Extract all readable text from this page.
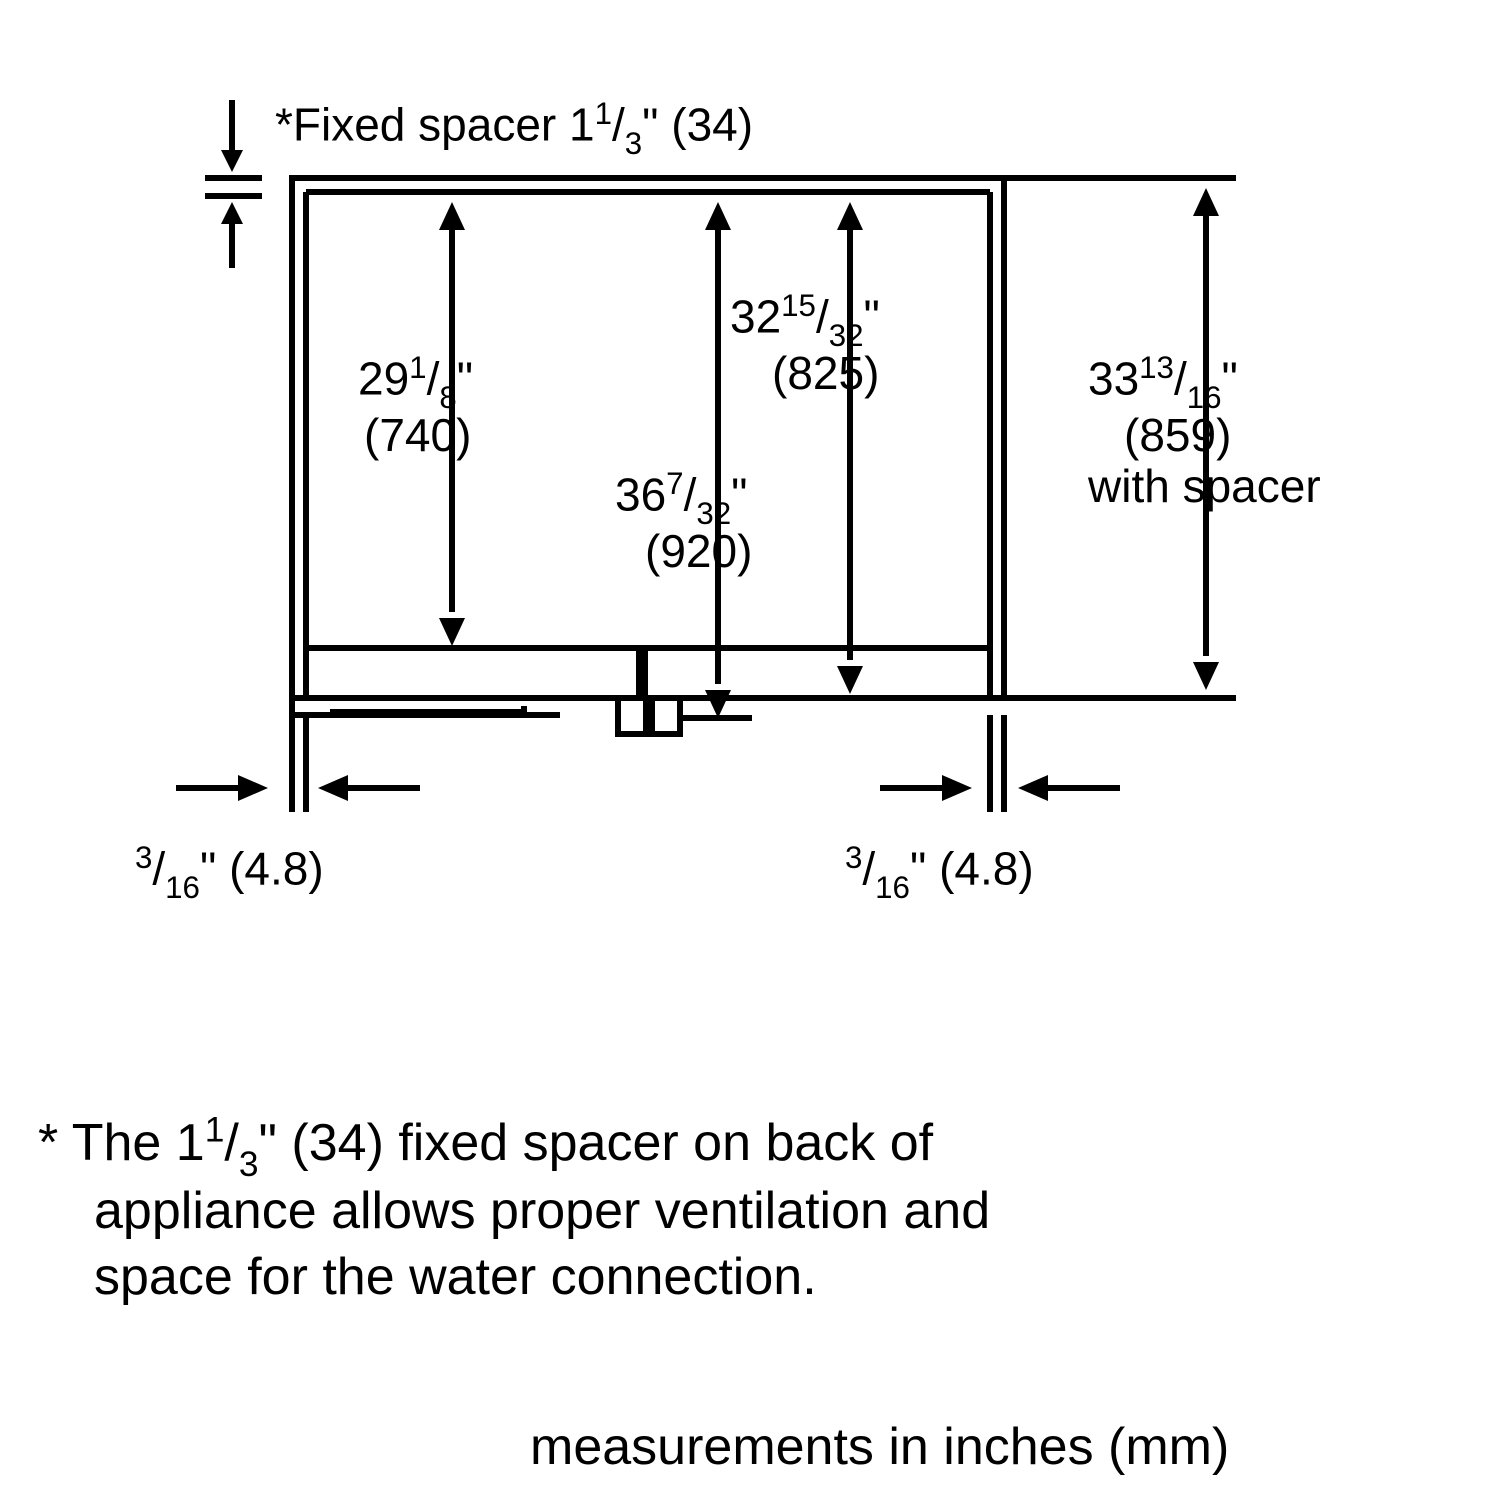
*Fixed spacer $1^1/_3$" (34)
$29^1/_8$"
(740)
$32^{15}/_{32}$"
(825)
$36^7/_{32}$"
(920)
$33^{13}/_{16}$"
(859)
with spacer
$^3/_{16}$" (4.8)	$^3/_{16}$" (4.8)
* The $1^1/_3$" (34) fixed spacer on back of
appliance allows proper ventilation and
space for the water connection.
measurements in inches (mm)
